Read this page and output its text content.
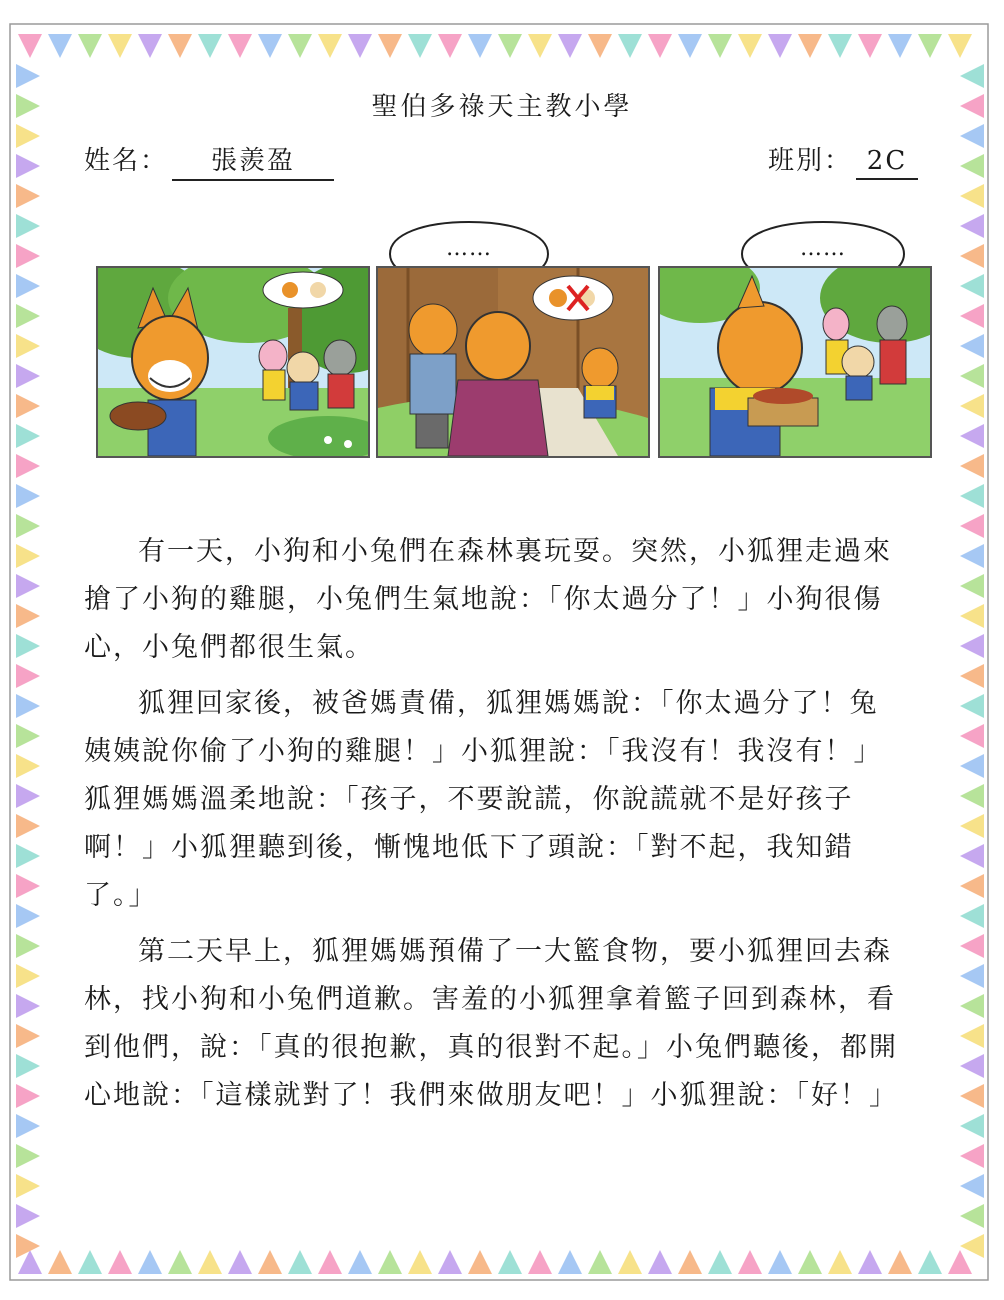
聖伯多祿天主教小學
姓名： 張羨盈	班別： 2C
……	……

有一天，小狗和小兔們在森林裏玩耍。突然，小狐狸走過來搶了小狗的雞腿，小兔們生氣地說：「你太過分了！」小狗很傷心，小兔們都很生氣。

狐狸回家後，被爸媽責備，狐狸媽媽說：「你太過分了！兔姨姨說你偷了小狗的雞腿！」小狐狸說：「我沒有！我沒有！」狐狸媽媽溫柔地說：「孩子，不要說謊，你說謊就不是好孩子啊！」小狐狸聽到後，慚愧地低下了頭說：「對不起，我知錯了。」

第二天早上，狐狸媽媽預備了一大籃食物，要小狐狸回去森林，找小狗和小兔們道歉。害羞的小狐狸拿着籃子回到森林，看到他們，說：「真的很抱歉，真的很對不起。」小兔們聽後，都開心地說：「這樣就對了！我們來做朋友吧！」小狐狸說：「好！」
